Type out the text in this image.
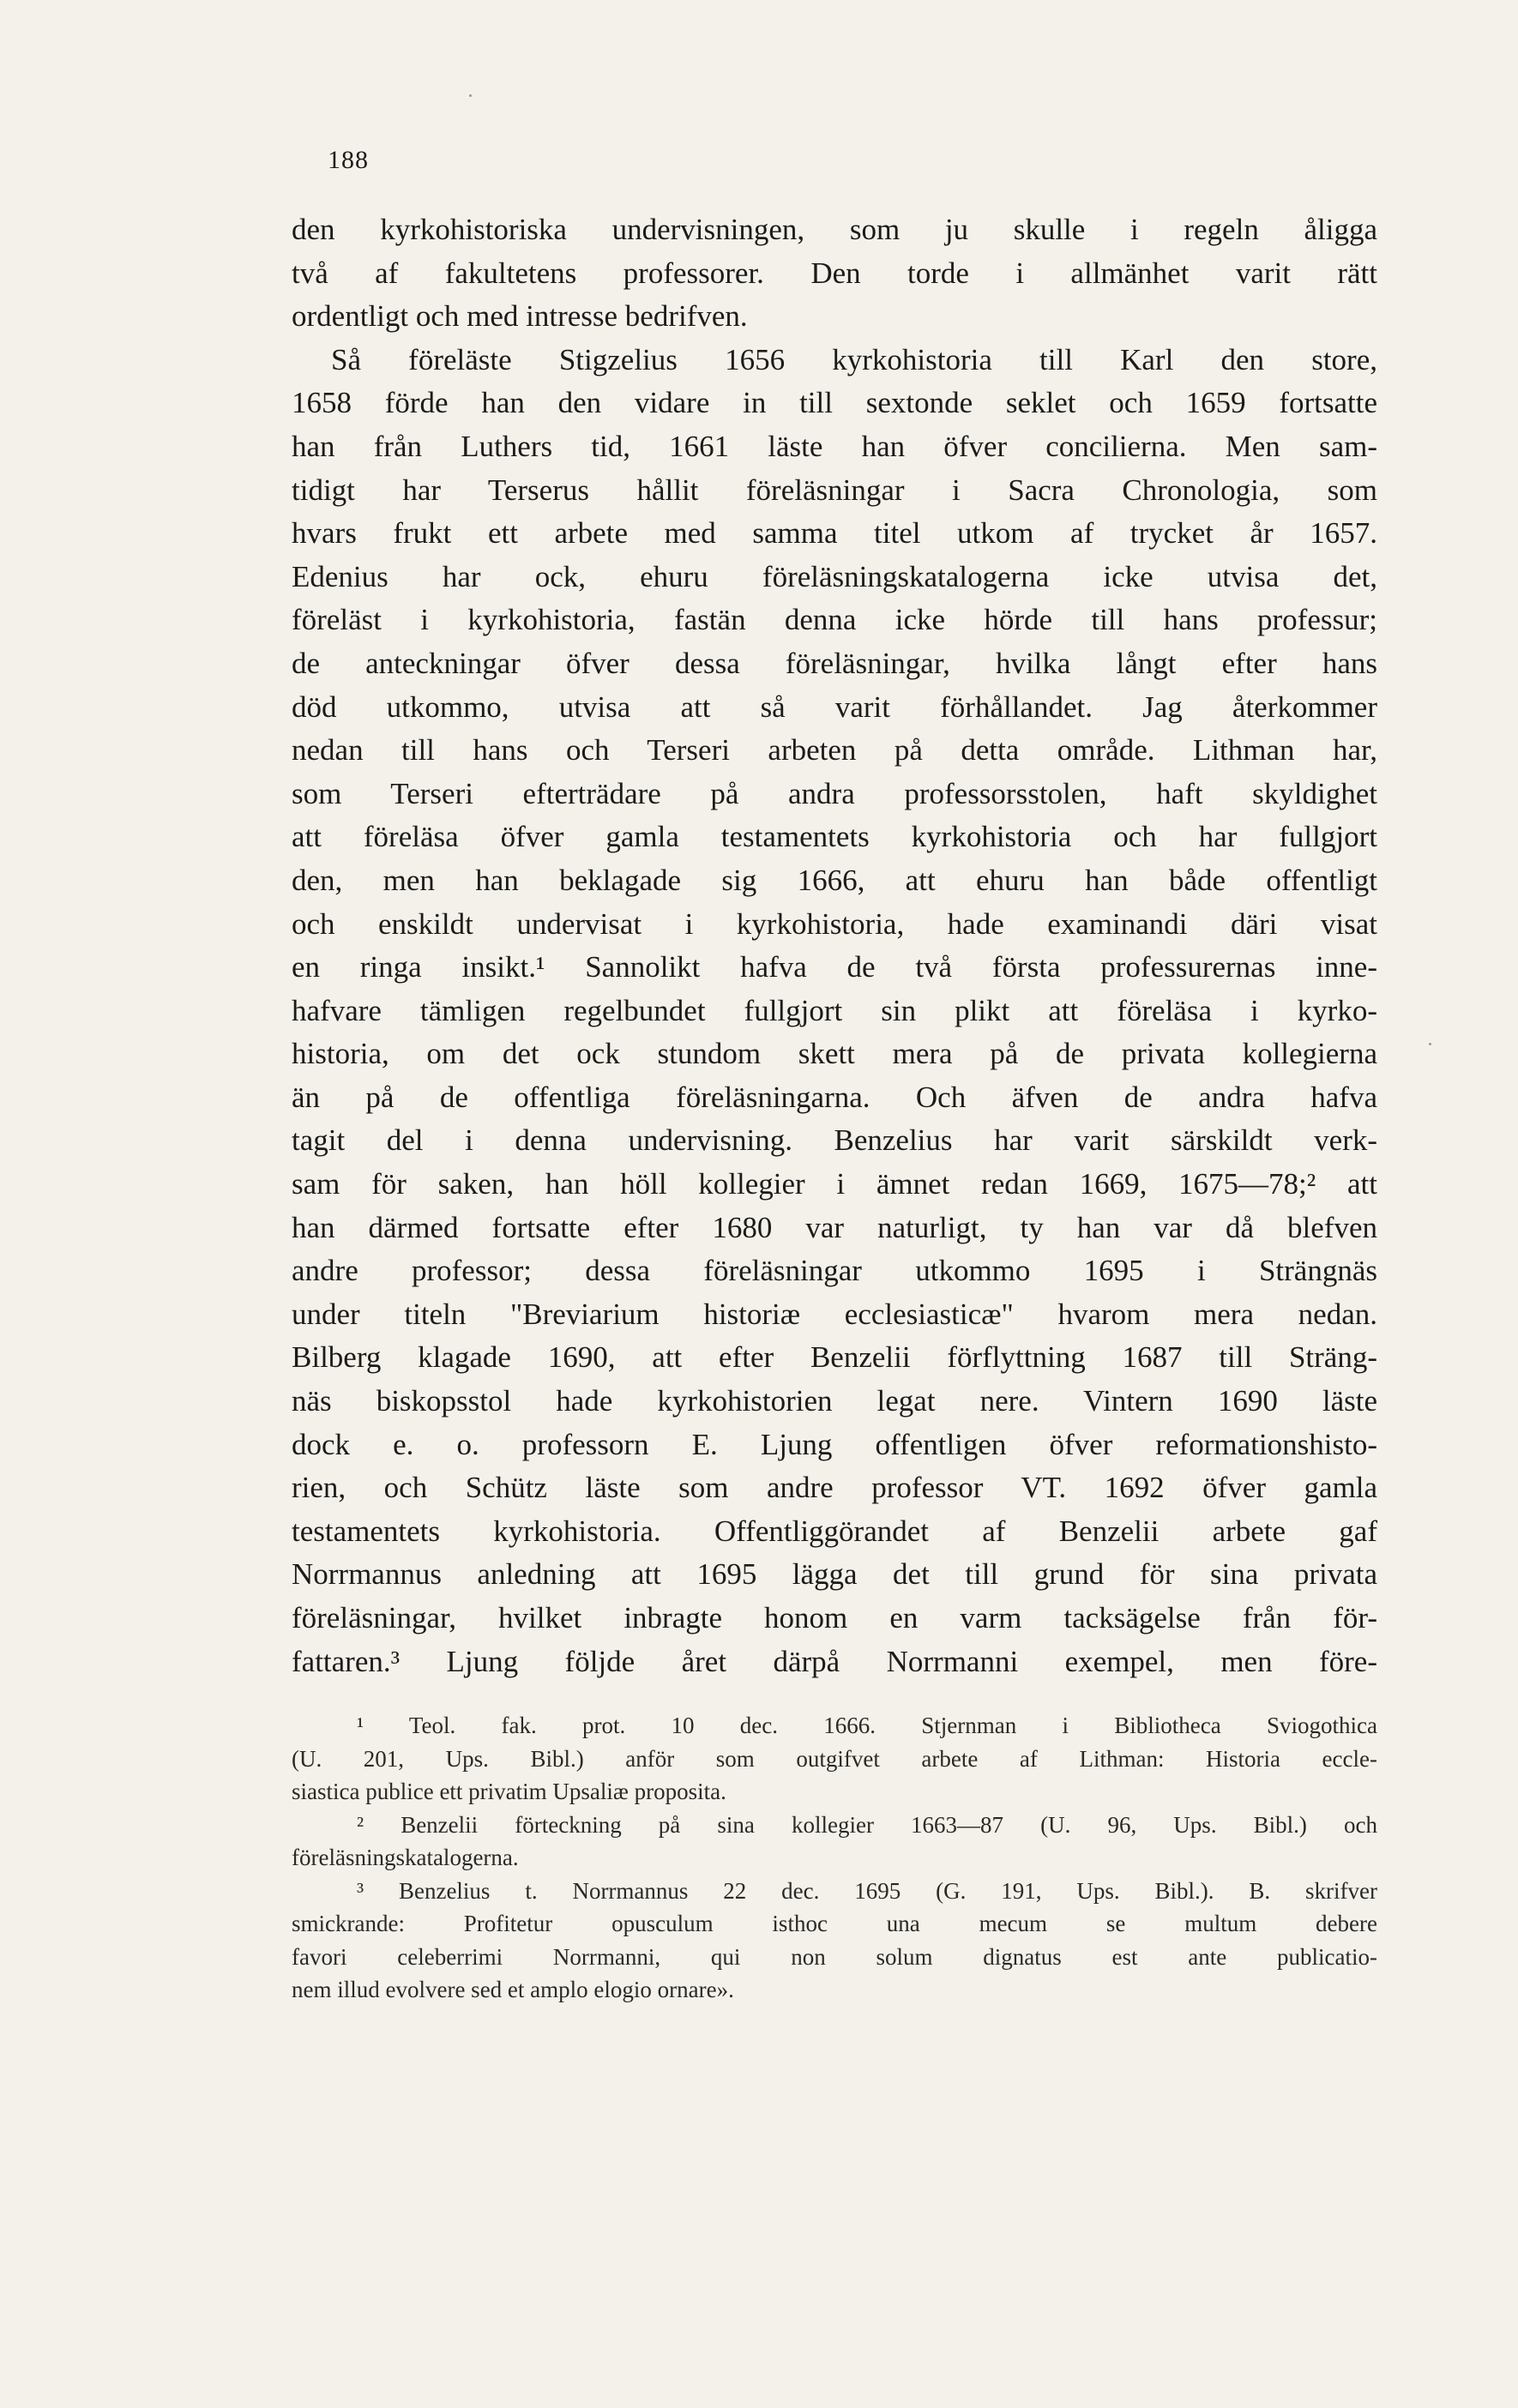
188
den kyrkohistoriska undervisningen, som ju skulle i regeln åligga
två af fakultetens professorer. Den torde i allmänhet varit rätt
ordentligt och med intresse bedrifven.
Så föreläste Stigzelius 1656 kyrkohistoria till Karl den store,
1658 förde han den vidare in till sextonde seklet och 1659 fortsatte
han från Luthers tid, 1661 läste han öfver concilierna. Men sam-
tidigt har Terserus hållit föreläsningar i Sacra Chronologia, som
hvars frukt ett arbete med samma titel utkom af trycket år 1657.
Edenius har ock, ehuru föreläsningskatalogerna icke utvisa det,
föreläst i kyrkohistoria, fastän denna icke hörde till hans professur;
de anteckningar öfver dessa föreläsningar, hvilka långt efter hans
död utkommo, utvisa att så varit förhållandet. Jag återkommer
nedan till hans och Terseri arbeten på detta område. Lithman har,
som Terseri efterträdare på andra professorsstolen, haft skyldighet
att föreläsa öfver gamla testamentets kyrkohistoria och har fullgjort
den, men han beklagade sig 1666, att ehuru han både offentligt
och enskildt undervisat i kyrkohistoria, hade examinandi däri visat
en ringa insikt.¹ Sannolikt hafva de två första professurernas inne-
hafvare tämligen regelbundet fullgjort sin plikt att föreläsa i kyrko-
historia, om det ock stundom skett mera på de privata kollegierna
än på de offentliga föreläsningarna. Och äfven de andra hafva
tagit del i denna undervisning. Benzelius har varit särskildt verk-
sam för saken, han höll kollegier i ämnet redan 1669, 1675—78;² att
han därmed fortsatte efter 1680 var naturligt, ty han var då blefven
andre professor; dessa föreläsningar utkommo 1695 i Strängnäs
under titeln "Breviarium historiæ ecclesiasticæ" hvarom mera nedan.
Bilberg klagade 1690, att efter Benzelii förflyttning 1687 till Sträng-
näs biskopsstol hade kyrkohistorien legat nere. Vintern 1690 läste
dock e. o. professorn E. Ljung offentligen öfver reformationshisto-
rien, och Schütz läste som andre professor VT. 1692 öfver gamla
testamentets kyrkohistoria. Offentliggörandet af Benzelii arbete gaf
Norrmannus anledning att 1695 lägga det till grund för sina privata
föreläsningar, hvilket inbragte honom en varm tacksägelse från för-
fattaren.³ Ljung följde året därpå Norrmanni exempel, men före-
¹ Teol. fak. prot. 10 dec. 1666. Stjernman i Bibliotheca Sviogothica
(U. 201, Ups. Bibl.) anför som outgifvet arbete af Lithman: Historia eccle-
siastica publice ett privatim Upsaliæ proposita.
² Benzelii förteckning på sina kollegier 1663—87 (U. 96, Ups. Bibl.) och
föreläsningskatalogerna.
³ Benzelius t. Norrmannus 22 dec. 1695 (G. 191, Ups. Bibl.). B. skrifver
smickrande: Profitetur opusculum isthoc una mecum se multum debere
favori celeberrimi Norrmanni, qui non solum dignatus est ante publicatio-
nem illud evolvere sed et amplo elogio ornare».
